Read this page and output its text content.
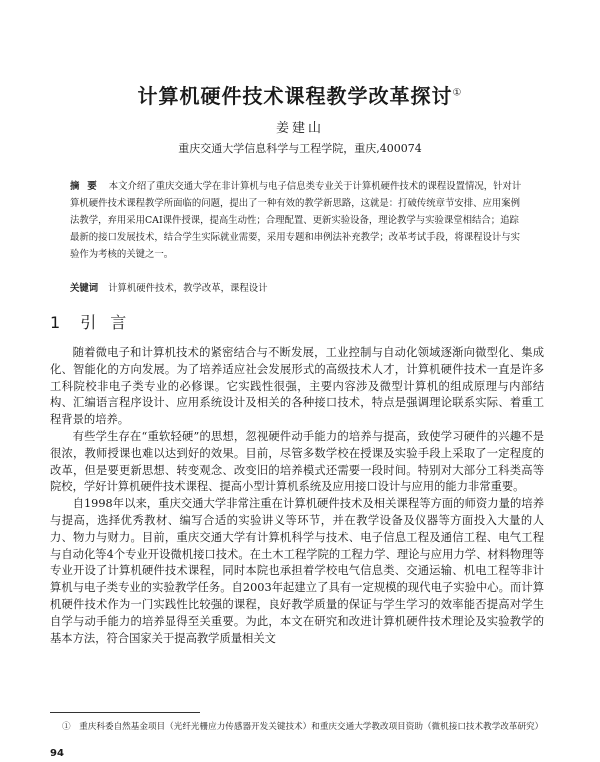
计算机硬件技术课程教学改革探讨①
姜建山
重庆交通大学信息科学与工程学院，重庆,400074
摘要 本文介绍了重庆交通大学在非计算机与电子信息类专业关于计算机硬件技术的课程设置情况，针对计算机硬件技术课程教学所面临的问题，提出了一种有效的教学新思路，这就是：打破传统章节安排、应用案例法教学，弃用采用CAI课件授课，提高生动性；合理配置、更新实验设备，理论教学与实验课堂相结合；追踪最新的接口发展技术，结合学生实际就业需要，采用专题和串例法补充教学；改革考试手段，将课程设计与实验作为考核的关键之一。
关键词 计算机硬件技术，教学改革，课程设计
1 引言

随着微电子和计算机技术的紧密结合与不断发展，工业控制与自动化领域逐渐向微型化、集成化、智能化的方向发展。为了培养适应社会发展形式的高级技术人才，计算机硬件技术一直是许多工科院校非电子类专业的必修课。它实践性很强，主要内容涉及微型计算机的组成原理与内部结构、汇编语言程序设计、应用系统设计及相关的各种接口技术，特点是强调理论联系实际、着重工程背景的培养。

有些学生存在“重软轻硬”的思想，忽视硬件动手能力的培养与提高，致使学习硬件的兴趣不是很浓，教师授课也难以达到好的效果。目前，尽管多数学校在授课及实验手段上采取了一定程度的改革，但是要更新思想、转变观念、改变旧的培养模式还需要一段时间。特别对大部分工科类高等院校，学好计算机硬件技术课程、提高小型计算机系统及应用接口设计与应用的能力非常重要。

自1998年以来，重庆交通大学非常注重在计算机硬件技术及相关课程等方面的师资力量的培养与提高，选择优秀教材、编写合适的实验讲义等环节，并在教学设备及仪器等方面投入大量的人力、物力与财力。目前，重庆交通大学有计算机科学与技术、电子信息工程及通信工程、电气工程与自动化等4个专业开设微机接口技术。在土木工程学院的工程力学、理论与应用力学、材料物理等专业开设了计算机硬件技术课程，同时本院也承担着学校电气信息类、交通运输、机电工程等非计算机与电子类专业的实验教学任务。自2003年起建立了具有一定规模的现代电子实验中心。而计算机硬件技术作为一门实践性比较强的课程，良好教学质量的保证与学生学习的效率能否提高对学生自学与动手能力的培养显得至关重要。为此，本文在研究和改进计算机硬件技术理论及实验教学的基本方法，符合国家关于提高教学质量相关文

①　重庆科委自然基金项目（光纤光栅应力传感器开发关键技术）和重庆交通大学教改项目资助（微机接口技术教学改革研究）
94
